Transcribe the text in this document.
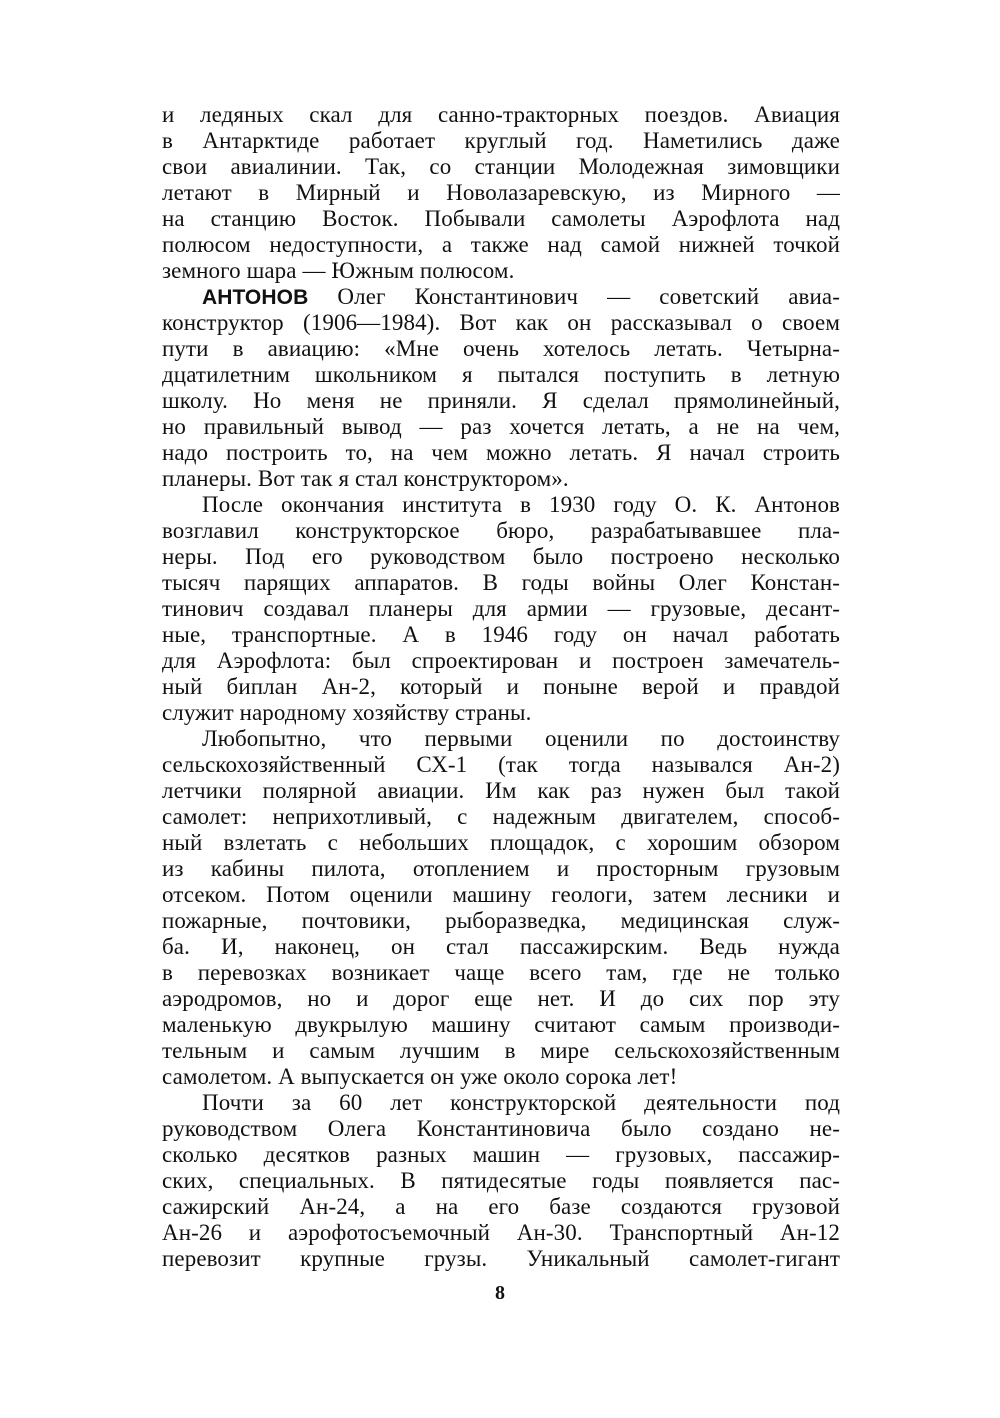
и ледяных скал для санно-тракторных поездов. Авиация
в Антарктиде работает круглый год. Наметились даже
свои авиалинии. Так, со станции Молодежная зимовщики
летают в Мирный и Новолазаревскую, из Мирного —
на станцию Восток. Побывали самолеты Аэрофлота над
полюсом недоступности, а также над самой нижней точкой
земного шара — Южным полюсом.
АНТОНОВ Олег Константинович — советский авиа-
конструктор (1906—1984). Вот как он рассказывал о своем
пути в авиацию: «Мне очень хотелось летать. Четырна-
дцатилетним школьником я пытался поступить в летную
школу. Но меня не приняли. Я сделал прямолинейный,
но правильный вывод — раз хочется летать, а не на чем,
надо построить то, на чем можно летать. Я начал строить
планеры. Вот так я стал конструктором».
После окончания института в 1930 году О. К. Антонов
возглавил конструкторское бюро, разрабатывавшее пла-
неры. Под его руководством было построено несколько
тысяч парящих аппаратов. В годы войны Олег Констан-
тинович создавал планеры для армии — грузовые, десант-
ные, транспортные. А в 1946 году он начал работать
для Аэрофлота: был спроектирован и построен замечатель-
ный биплан Ан-2, который и поныне верой и правдой
служит народному хозяйству страны.
Любопытно, что первыми оценили по достоинству
сельскохозяйственный СХ-1 (так тогда назывался Ан-2)
летчики полярной авиации. Им как раз нужен был такой
самолет: неприхотливый, с надежным двигателем, способ-
ный взлетать с небольших площадок, с хорошим обзором
из кабины пилота, отоплением и просторным грузовым
отсеком. Потом оценили машину геологи, затем лесники и
пожарные, почтовики, рыборазведка, медицинская служ-
ба. И, наконец, он стал пассажирским. Ведь нужда
в перевозках возникает чаще всего там, где не только
аэродромов, но и дорог еще нет. И до сих пор эту
маленькую двукрылую машину считают самым производи-
тельным и самым лучшим в мире сельскохозяйственным
самолетом. А выпускается он уже около сорока лет!
Почти за 60 лет конструкторской деятельности под
руководством Олега Константиновича было создано не-
сколько десятков разных машин — грузовых, пассажир-
ских, специальных. В пятидесятые годы появляется пас-
сажирский Ан-24, а на его базе создаются грузовой
Ан-26 и аэрофотосъемочный Ан-30. Транспортный Ан-12
перевозит крупные грузы. Уникальный самолет-гигант
8
